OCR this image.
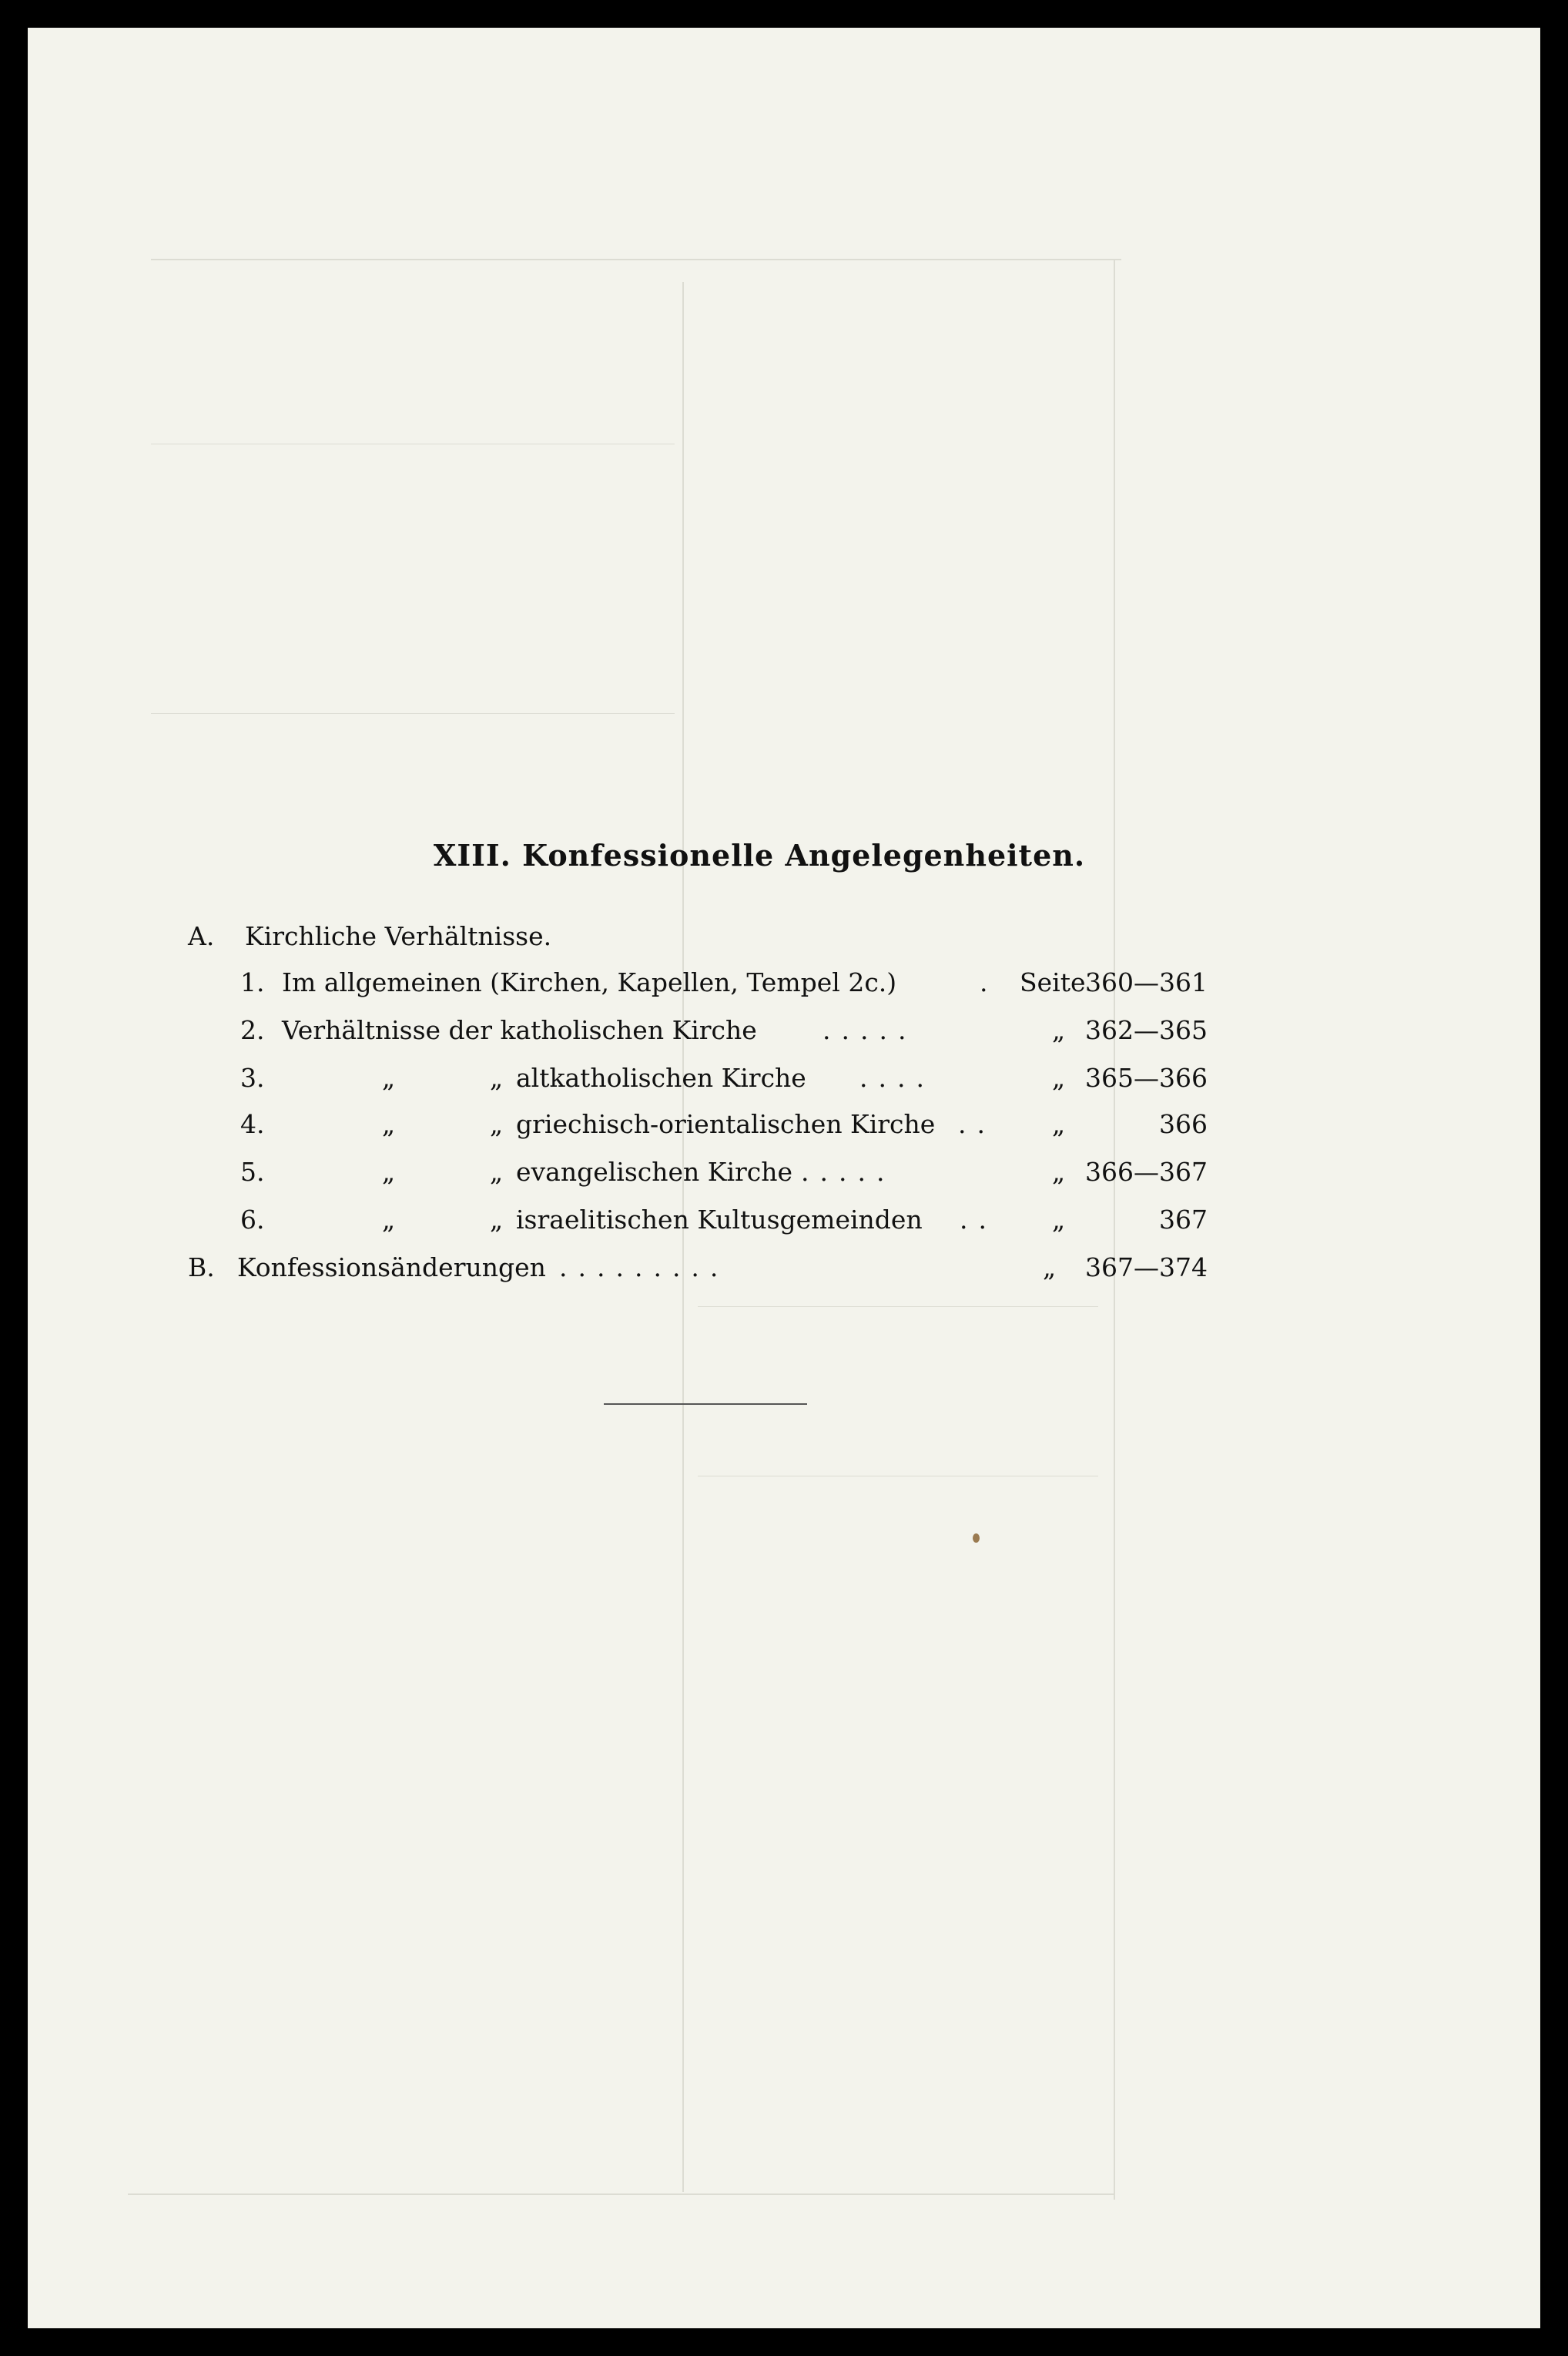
XIII. Konfessionelle Angelegenheiten.
A. Kirchliche Verhältnisse.
1. Im allgemeinen (Kirchen, Kapellen, Tempel 2c.)	. Seite 360—361
2. Verhältnisse der katholischen Kirche	.....	„ 362—365
3.	„	„ altkatholischen Kirche ....	„ 365—366
4.	„	„ griechisch-orientalischen Kirche .. „	366
5.	„	„ evangelischen Kirche .....	„ 366—367
6.	„	„ israelitischen Kultusgemeinden .. „	367
B. Konfessionsänderungen .........	„	367—374
